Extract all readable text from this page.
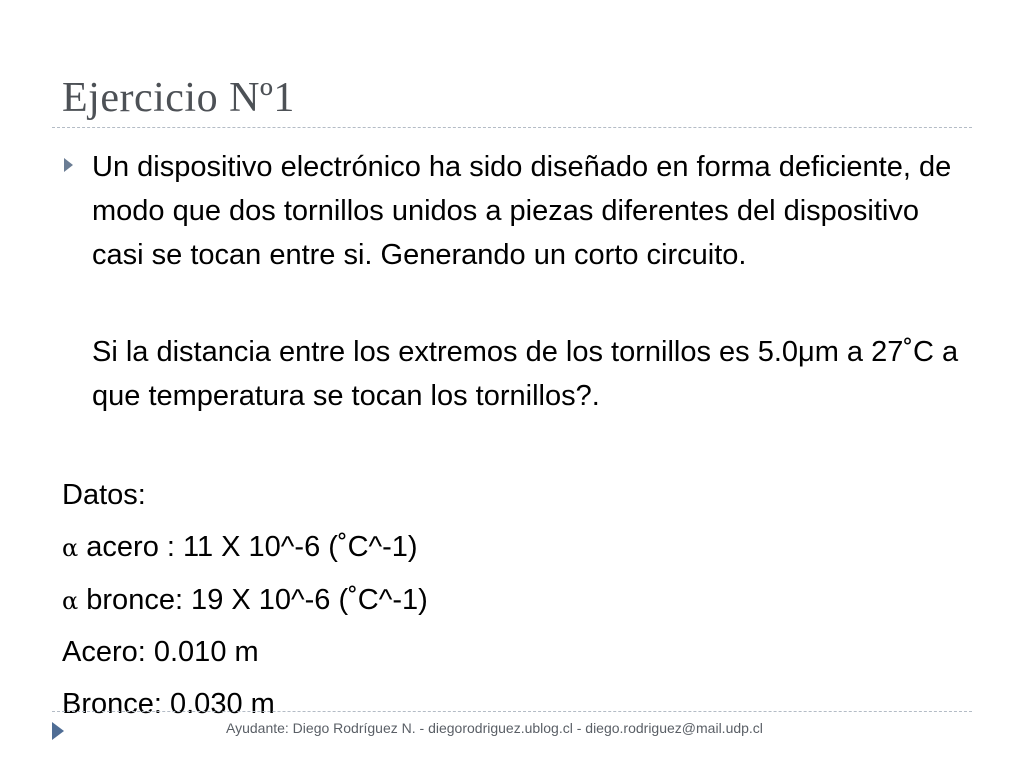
Ejercicio Nº1

Un dispositivo electrónico ha sido diseñado en forma deficiente, de modo que dos tornillos unidos a piezas diferentes del dispositivo casi se tocan entre si. Generando un corto circuito.

Si la distancia entre los extremos de los tornillos es 5.0μm a 27˚C a que temperatura se tocan los tornillos?.

Datos:
α acero : 11 X 10^-6 (˚C^-1)
α bronce: 19 X 10^-6 (˚C^-1)
Acero: 0.010 m
Bronce: 0.030 m
Ayudante: Diego Rodríguez N. - diegorodriguez.ublog.cl - diego.rodriguez@mail.udp.cl
